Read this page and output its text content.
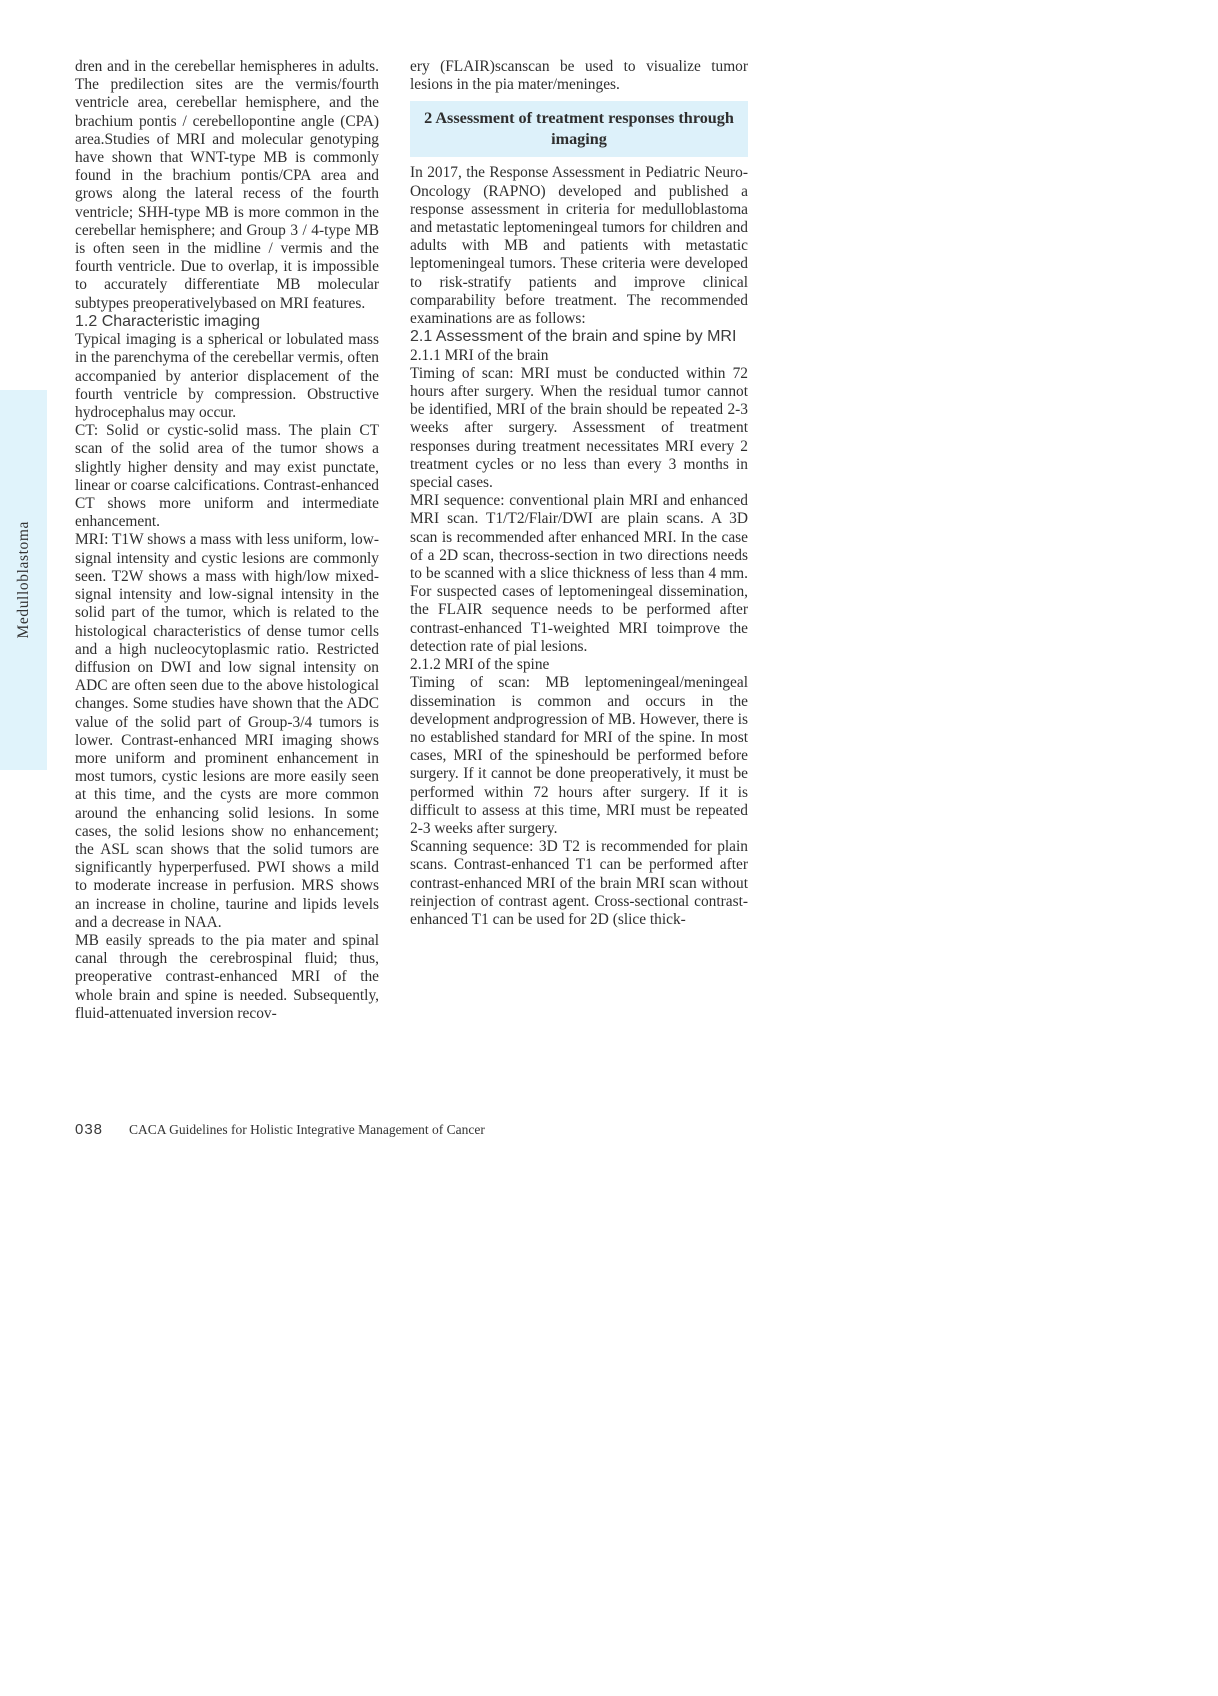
Medulloblastoma

dren and in the cerebellar hemispheres in adults. The predilection sites are the vermis/fourth ventricle area, cerebellar hemisphere, and the brachium pontis / cerebellopontine angle (CPA) area.Studies of MRI and molecular genotyping have shown that WNT-type MB is commonly found in the brachium pontis/CPA area and grows along the lateral recess of the fourth ventricle; SHH-type MB is more common in the cerebellar hemisphere; and Group 3 / 4-type MB is often seen in the midline / vermis and the fourth ventricle. Due to overlap, it is impossible to accurately differentiate MB molecular subtypes preoperativelybased on MRI features.

1.2 Characteristic imaging

Typical imaging is a spherical or lobulated mass in the parenchyma of the cerebellar vermis, often accompanied by anterior displacement of the fourth ventricle by compression. Obstructive hydrocephalus may occur.

CT: Solid or cystic-solid mass. The plain CT scan of the solid area of the tumor shows a slightly higher density and may exist punctate, linear or coarse calcifications. Contrast-enhanced CT shows more uniform and intermediate enhancement.

MRI: T1W shows a mass with less uniform, low-signal intensity and cystic lesions are commonly seen. T2W shows a mass with high/low mixed-signal intensity and low-signal intensity in the solid part of the tumor, which is related to the histological characteristics of dense tumor cells and a high nucleocytoplasmic ratio. Restricted diffusion on DWI and low signal intensity on ADC are often seen due to the above histological changes. Some studies have shown that the ADC value of the solid part of Group-3/4 tumors is lower. Contrast-enhanced MRI imaging shows more uniform and prominent enhancement in most tumors, cystic lesions are more easily seen at this time, and the cysts are more common around the enhancing solid lesions. In some cases, the solid lesions show no enhancement; the ASL scan shows that the solid tumors are significantly hyperperfused. PWI shows a mild to moderate increase in perfusion. MRS shows an increase in choline, taurine and lipids levels and a decrease in NAA.

MB easily spreads to the pia mater and spinal canal through the cerebrospinal fluid; thus, preoperative contrast-enhanced MRI of the whole brain and spine is needed. Subsequently, fluid-attenuated inversion recov-

ery (FLAIR)scanscan be used to visualize tumor lesions in the pia mater/meninges.

2 Assessment of treatment responses through imaging

In 2017, the Response Assessment in Pediatric Neuro-Oncology (RAPNO) developed and published a response assessment in criteria for medulloblastoma and metastatic leptomeningeal tumors for children and adults with MB and patients with metastatic leptomeningeal tumors. These criteria were developed to risk-stratify patients and improve clinical comparability before treatment. The recommended examinations are as follows:

2.1 Assessment of the brain and spine by MRI

2.1.1 MRI of the brain

Timing of scan: MRI must be conducted within 72 hours after surgery. When the residual tumor cannot be identified, MRI of the brain should be repeated 2-3 weeks after surgery. Assessment of treatment responses during treatment necessitates MRI every 2 treatment cycles or no less than every 3 months in special cases.

MRI sequence: conventional plain MRI and enhanced MRI scan. T1/T2/Flair/DWI are plain scans. A 3D scan is recommended after enhanced MRI. In the case of a 2D scan, thecross-section in two directions needs to be scanned with a slice thickness of less than 4 mm. For suspected cases of leptomeningeal dissemination, the FLAIR sequence needs to be performed after contrast-enhanced T1-weighted MRI toimprove the detection rate of pial lesions.

2.1.2 MRI of the spine

Timing of scan: MB leptomeningeal/meningeal dissemination is common and occurs in the development andprogression of MB. However, there is no established standard for MRI of the spine. In most cases, MRI of the spineshould be performed before surgery. If it cannot be done preoperatively, it must be performed within 72 hours after surgery. If it is difficult to assess at this time, MRI must be repeated 2-3 weeks after surgery.

Scanning sequence: 3D T2 is recommended for plain scans. Contrast-enhanced T1 can be performed after contrast-enhanced MRI of the brain MRI scan without reinjection of contrast agent. Cross-sectional contrast-enhanced T1 can be used for 2D (slice thick-

038 CACA Guidelines for Holistic Integrative Management of Cancer
